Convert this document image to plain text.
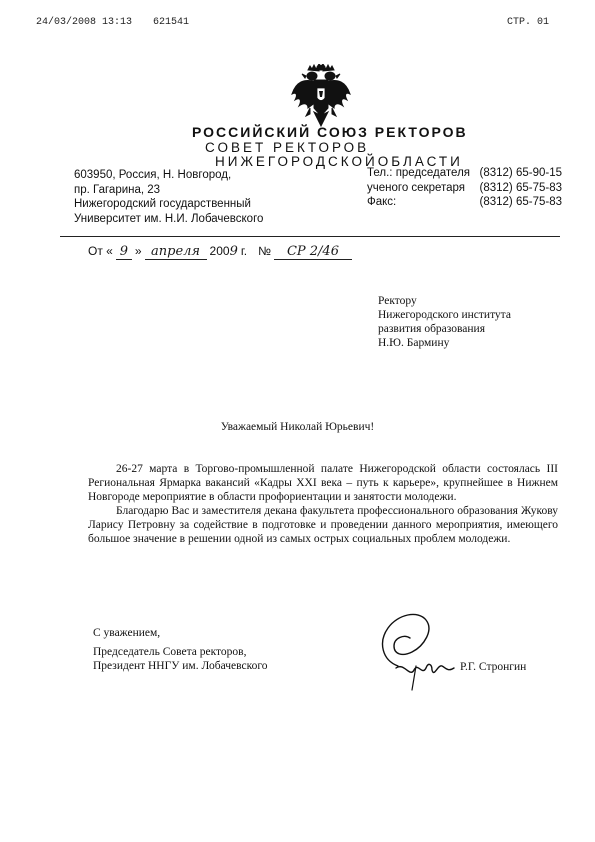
24/03/2008 13:13 621541	СТР. 01
РОССИЙСКИЙ СОЮЗ РЕКТОРОВ
СОВЕТ РЕКТОРОВ
НИЖЕГОРОДСКОЙОБЛАСТИ
603950, Россия, Н. Новгород,
пр. Гагарина, 23
Нижегородский государственный
Университет им. Н.И. Лобачевского
Тел.: председателя (8312) 65-90-15
ученого секретаря (8312) 65-75-83
Факс:	(8312) 65-75-83
От « 9 » апреля 2009 г. № СР 2/46
Ректору
Нижегородского института
развития образования
Н.Ю. Бармину
Уважаемый Николай Юрьевич!

26-27 марта в Торгово-промышленной палате Нижегородской области состоялась III Региональная Ярмарка вакансий «Кадры XXI века – путь к карьере», крупнейшее в Нижнем Новгороде мероприятие в области профориентации и занятости молодежи.

Благодарю Вас и заместителя декана факультета профессионального образования Жукову Ларису Петровну за содействие в подготовке и проведении данного мероприятия, имеющего большое значение в решении одной из самых острых социальных проблем молодежи.

С уважением,
Председатель Совета ректоров,
Президент ННГУ им. Лобачевского	Р.Г. Стронгин
